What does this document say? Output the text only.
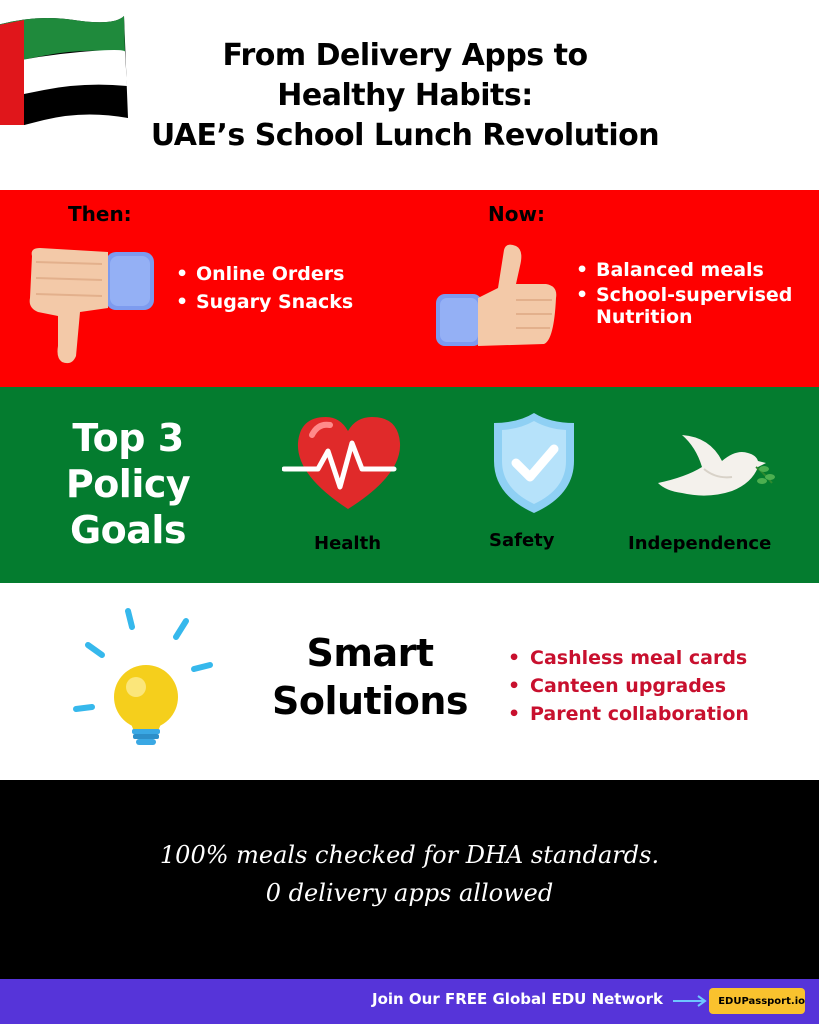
From Delivery Apps to
Healthy Habits:
UAE’s School Lunch Revolution
Then:	Now:
• Online Orders
• Sugary Snacks
• Balanced meals
• School-supervised Nutrition
Top 3
Policy
Goals	Health	Safety	Independence
Smart
Solutions
• Cashless meal cards
• Canteen upgrades
• Parent collaboration
100% meals checked for DHA standards.
0 delivery apps allowed
Join Our FREE Global EDU Network	EDUPassport.io
